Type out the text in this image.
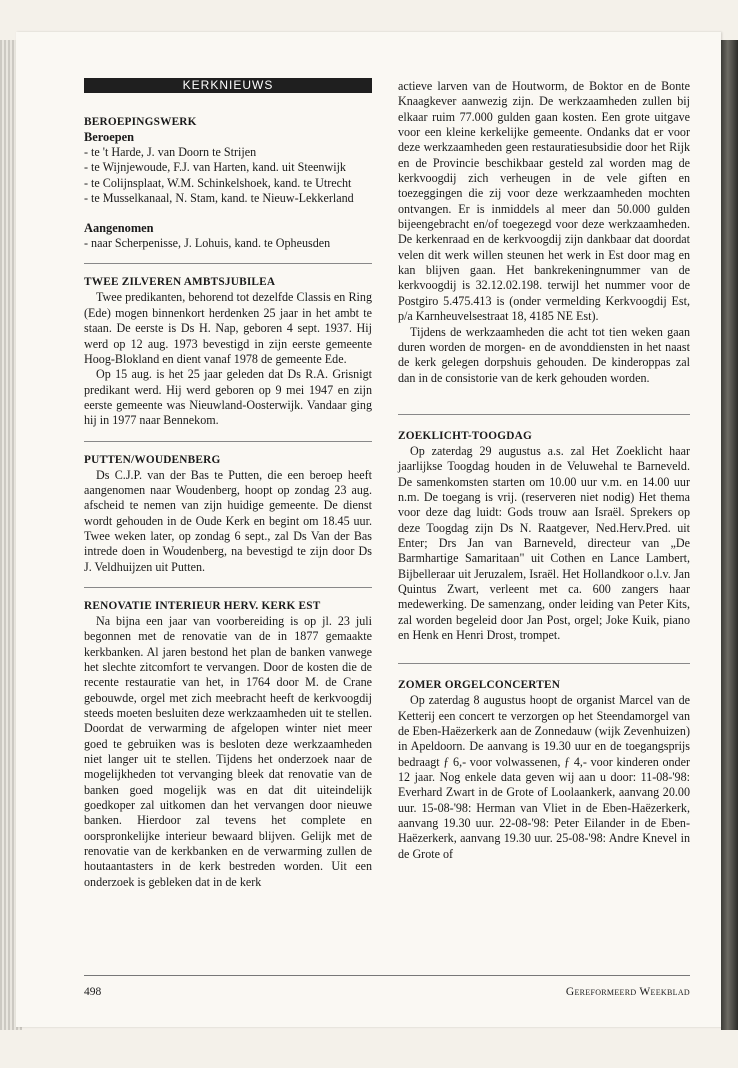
KERKNIEUWS
BEROEPINGSWERK
Beroepen
- te 't Harde, J. van Doorn te Strijen
- te Wijnjewoude, F.J. van Harten, kand. uit Steenwijk
- te Colijnsplaat, W.M. Schinkelshoek, kand. te Utrecht
- te Musselkanaal, N. Stam, kand. te Nieuw-Lekkerland
Aangenomen
- naar Scherpenisse, J. Lohuis, kand. te Opheusden
TWEE ZILVEREN AMBTSJUBILEA

Twee predikanten, behorend tot dezelfde Classis en Ring (Ede) mogen binnenkort herdenken 25 jaar in het ambt te staan. De eerste is Ds H. Nap, geboren 4 sept. 1937. Hij werd op 12 aug. 1973 bevestigd in zijn eerste gemeente Hoog-Blokland en dient vanaf 1978 de gemeente Ede.

Op 15 aug. is het 25 jaar geleden dat Ds R.A. Grisnigt predikant werd. Hij werd geboren op 9 mei 1947 en zijn eerste gemeente was Nieuwland-Oosterwijk. Vandaar ging hij in 1977 naar Bennekom.

PUTTEN/WOUDENBERG

Ds C.J.P. van der Bas te Putten, die een beroep heeft aangenomen naar Woudenberg, hoopt op zondag 23 aug. afscheid te nemen van zijn huidige gemeente. De dienst wordt gehouden in de Oude Kerk en begint om 18.45 uur. Twee weken later, op zondag 6 sept., zal Ds Van der Bas intrede doen in Woudenberg, na bevestigd te zijn door Ds J. Veldhuijzen uit Putten.

RENOVATIE INTERIEUR HERV. KERK EST

Na bijna een jaar van voorbereiding is op jl. 23 juli begonnen met de renovatie van de in 1877 gemaakte kerkbanken. Al jaren bestond het plan de banken vanwege het slechte zitcomfort te vervangen. Door de kosten die de recente restauratie van het, in 1764 door M. de Crane gebouwde, orgel met zich meebracht heeft de kerkvoogdij steeds moeten besluiten deze werkzaamheden uit te stellen. Doordat de verwarming de afgelopen winter niet meer goed te gebruiken was is besloten deze werkzaamheden niet langer uit te stellen. Tijdens het onderzoek naar de mogelijkheden tot vervanging bleek dat renovatie van de banken goed mogelijk was en dat dit uiteindelijk goedkoper zal uitkomen dan het vervangen door nieuwe banken. Hierdoor zal tevens het complete en oorspronkelijke interieur bewaard blijven. Gelijk met de renovatie van de kerkbanken en de verwarming zullen de houtaantasters in de kerk bestreden worden. Uit een onderzoek is gebleken dat in de kerk

actieve larven van de Houtworm, de Boktor en de Bonte Knaagkever aanwezig zijn. De werkzaamheden zullen bij elkaar ruim 77.000 gulden gaan kosten. Een grote uitgave voor een kleine kerkelijke gemeente. Ondanks dat er voor deze werkzaamheden geen restauratiesubsidie door het Rijk en de Provincie beschikbaar gesteld zal worden mag de kerkvoogdij zich verheugen in de vele giften en toezeggingen die zij voor deze werkzaamheden mochten ontvangen. Er is inmiddels al meer dan 50.000 gulden bijeengebracht en/of toegezegd voor deze werkzaamheden. De kerkenraad en de kerkvoogdij zijn dankbaar dat doordat velen dit werk willen steunen het werk in Est door mag en kan blijven gaan. Het bankrekeningnummer van de kerkvoogdij is 32.12.02.198. terwijl het nummer voor de Postgiro 5.475.413 is (onder vermelding Kerkvoogdij Est, p/a Karnheuvelsestraat 18, 4185 NE Est).

Tijdens de werkzaamheden die acht tot tien weken gaan duren worden de morgen- en de avonddiensten in het naast de kerk gelegen dorpshuis gehouden. De kinderoppas zal dan in de consistorie van de kerk gehouden worden.

ZOEKLICHT-TOOGDAG

Op zaterdag 29 augustus a.s. zal Het Zoeklicht haar jaarlijkse Toogdag houden in de Veluwehal te Barneveld. De samenkomsten starten om 10.00 uur v.m. en 14.00 uur n.m. De toegang is vrij. (reserveren niet nodig) Het thema voor deze dag luidt: Gods trouw aan Israël. Sprekers op deze Toogdag zijn Ds N. Raatgever, Ned.Herv.Pred. uit Enter; Drs Jan van Barneveld, directeur van „De Barmhartige Samaritaan" uit Cothen en Lance Lambert, Bijbelleraar uit Jeruzalem, Israël. Het Hollandkoor o.l.v. Jan Quintus Zwart, verleent met ca. 600 zangers haar medewerking. De samenzang, onder leiding van Peter Kits, zal worden begeleid door Jan Post, orgel; Joke Kuik, piano en Henk en Henri Drost, trompet.

ZOMER ORGELCONCERTEN

Op zaterdag 8 augustus hoopt de organist Marcel van de Ketterij een concert te verzorgen op het Steendamorgel van de Eben-Haëzerkerk aan de Zonnedauw (wijk Zevenhuizen) in Apeldoorn. De aanvang is 19.30 uur en de toegangsprijs bedraagt ƒ 6,- voor volwassenen, ƒ 4,- voor kinderen onder 12 jaar. Nog enkele data geven wij aan u door: 11-08-'98: Everhard Zwart in de Grote of Loolaankerk, aanvang 20.00 uur. 15-08-'98: Herman van Vliet in de Eben-Haëzerkerk, aanvang 19.30 uur. 22-08-'98: Peter Eilander in de Eben-Haëzerkerk, aanvang 19.30 uur. 25-08-'98: Andre Knevel in de Grote of

498	Gereformeerd Weekblad
